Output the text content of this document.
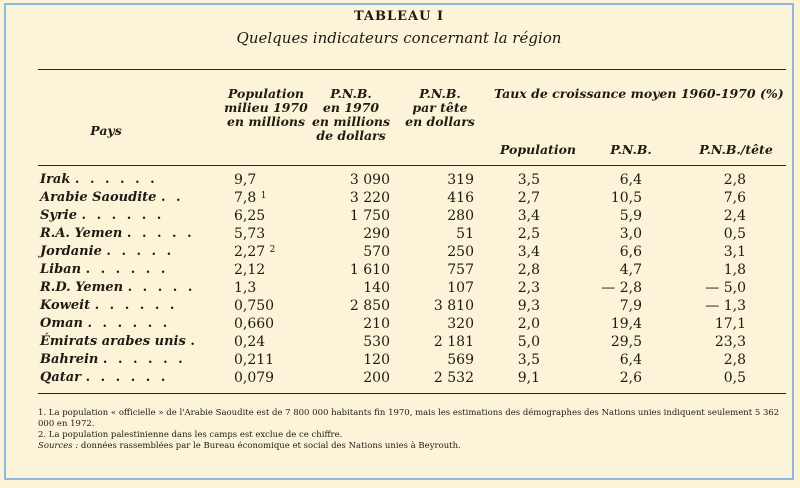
TABLEAU I
Quelques indicateurs concernant la région
Pays
Population
milieu 1970
en millions
P.N.B.
en 1970
en millions
de dollars
P.N.B.
par tête
en dollars
Taux de croissance moyen 1960-1970 (%)
Population	P.N.B.	P.N.B./tête
Irak . . . . . .	9,7	3 090	319	3,5	6,4	2,8
Arabie Saoudite . .	7,8 $^1$	3 220	416	2,7	10,5	7,6
Syrie . . . . . .	6,25	1 750	280	3,4	5,9	2,4
R.A. Yemen . . . . .	5,73	290	51	2,5	3,0	0,5
Jordanie . . . . .	2,27 $^2$	570	250	3,4	6,6	3,1
Liban . . . . . .	2,12	1 610	757	2,8	4,7	1,8
R.D. Yemen . . . . .	1,3	140	107	2,3	— 2,8	— 5,0
Koweit . . . . . .	0,750	2 850	3 810	9,3	7,9	— 1,3
Oman . . . . . .	0,660	210	320	2,0	19,4	17,1
Émirats arabes unis .	0,24	530	2 181	5,0	29,5	23,3
Bahrein . . . . . .	0,211	120	569	3,5	6,4	2,8
Qatar . . . . . .	0,079	200	2 532	9,1	2,6	0,5

1. La population « officielle » de l'Arabie Saoudite est de 7 800 000 habitants fin 1970, mais les estimations des démographes des Nations unies indiquent seulement 5 362 000 en 1972.

2. La population palestinienne dans les camps est exclue de ce chiffre.

Sources : données rassemblées par le Bureau économique et social des Nations unies à Beyrouth.
